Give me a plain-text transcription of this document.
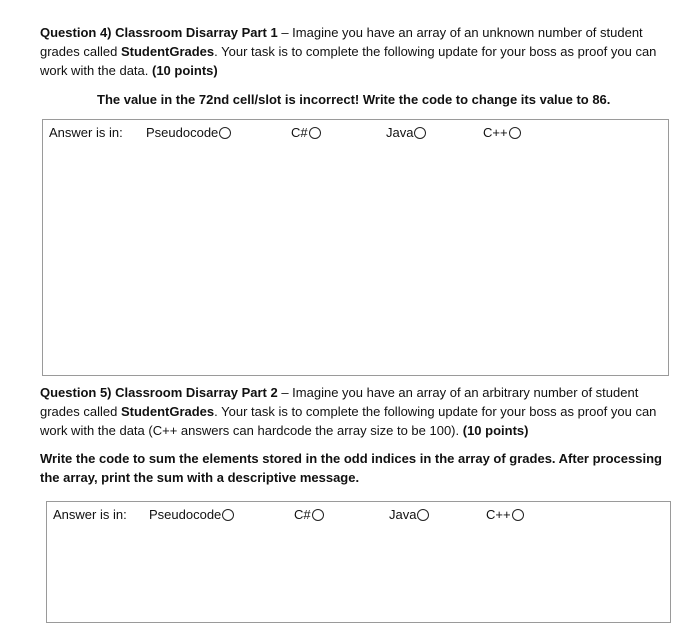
Question 4) Classroom Disarray Part 1 – Imagine you have an array of an unknown number of student grades called StudentGrades. Your task is to complete the following update for your boss as proof you can work with the data. (10 points)

The value in the 72nd cell/slot is incorrect! Write the code to change its value to 86.

Answer is in: Pseudocode	C#	Java	C++

Question 5) Classroom Disarray Part 2 – Imagine you have an array of an arbitrary number of student grades called StudentGrades. Your task is to complete the following update for your boss as proof you can work with the data (C++ answers can hardcode the array size to be 100). (10 points)

Write the code to sum the elements stored in the odd indices in the array of grades. After processing the array, print the sum with a descriptive message.

Answer is in: Pseudocode	C#	Java	C++
